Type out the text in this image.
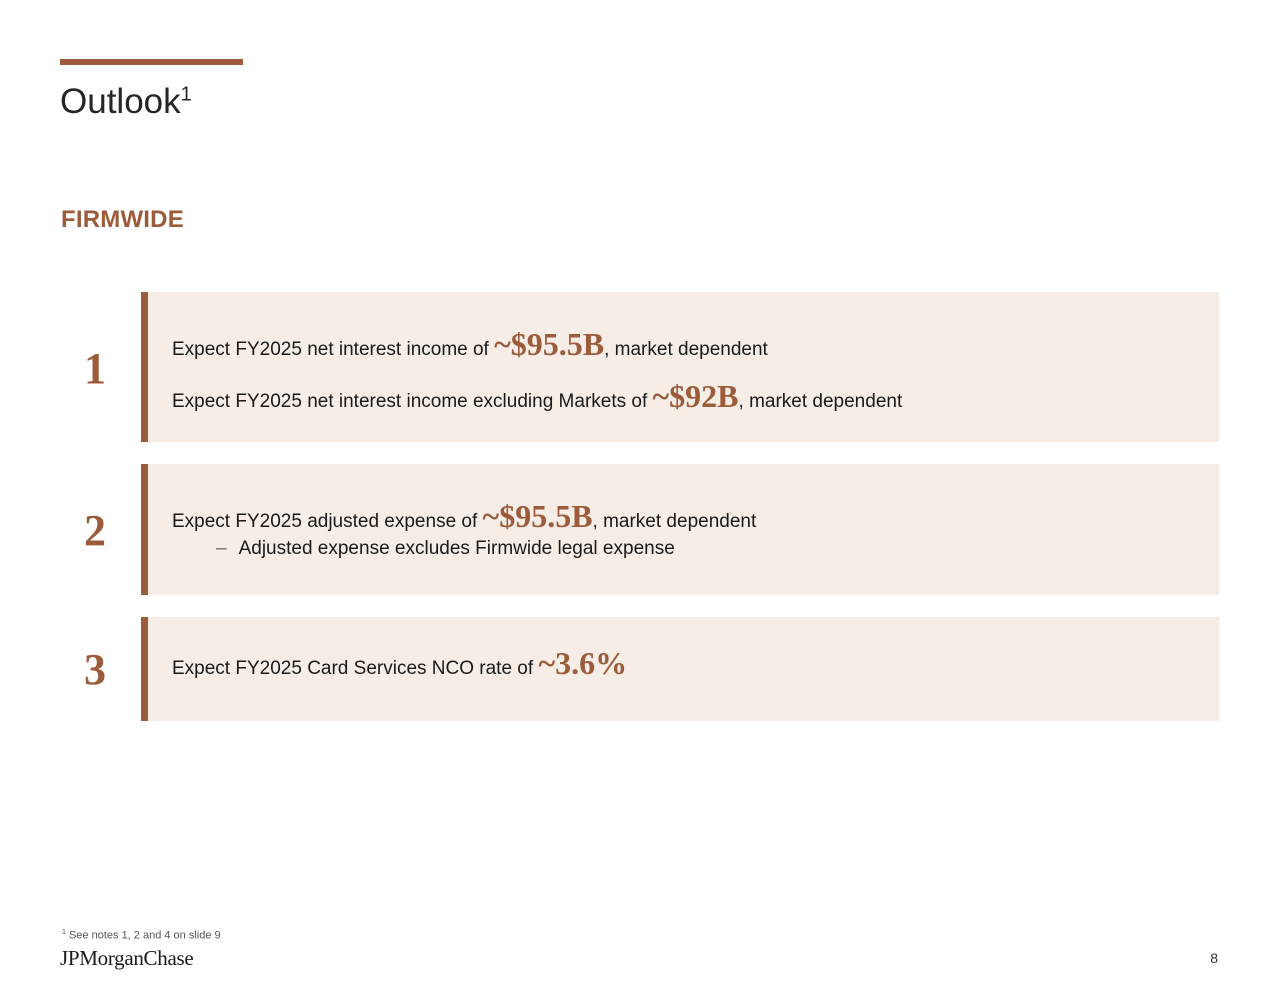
Outlook$^1$
FIRMWIDE
1	Expect FY2025 net interest income of ~$95.5B, market dependent
Expect FY2025 net interest income excluding Markets of ~$92B, market dependent
2	Expect FY2025 adjusted expense of ~$95.5B, market dependent
– Adjusted expense excludes Firmwide legal expense
3	Expect FY2025 Card Services NCO rate of ~3.6%
$^1$ See notes 1, 2 and 4 on slide 9
JPMorganChase	8
